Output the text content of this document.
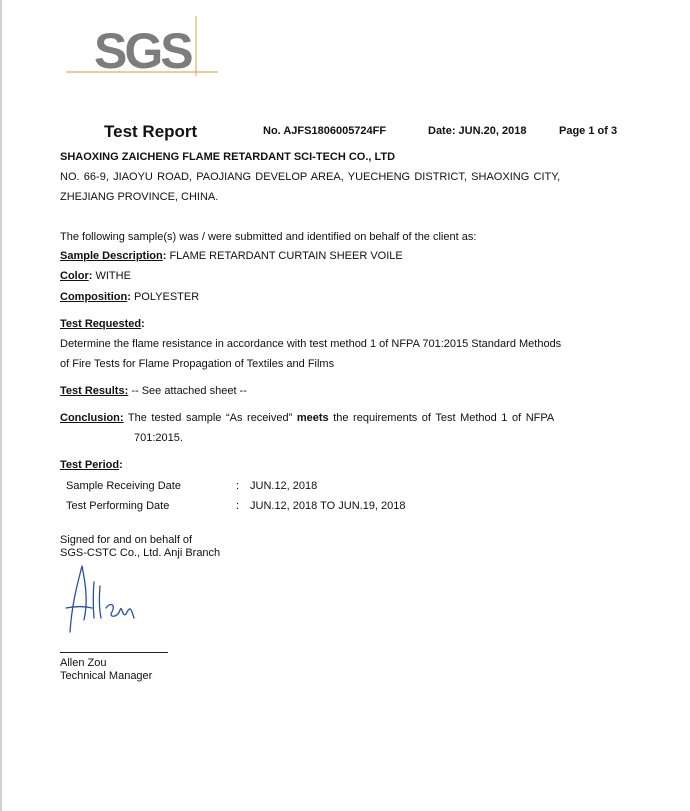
SGS
Test Report	No. AJFS1806005724FF	Date: JUN.20, 2018	Page 1 of 3
SHAOXING ZAICHENG FLAME RETARDANT SCI-TECH CO., LTD
NO. 66-9, JIAOYU ROAD, PAOJIANG DEVELOP AREA, YUECHENG DISTRICT, SHAOXING CITY,
ZHEJIANG PROVINCE, CHINA.
The following sample(s) was / were submitted and identified on behalf of the client as:
Sample Description: FLAME RETARDANT CURTAIN SHEER VOILE
Color: WITHE
Composition: POLYESTER
Test Requested:
Determine the flame resistance in accordance with test method 1 of NFPA 701:2015 Standard Methods
of Fire Tests for Flame Propagation of Textiles and Films
Test Results: -- See attached sheet --
Conclusion: The tested sample “As received” meets the requirements of Test Method 1 of NFPA
701:2015.
Test Period:
Sample Receiving Date	: JUN.12, 2018
Test Performing Date	: JUN.12, 2018 TO JUN.19, 2018
Signed for and on behalf of
SGS-CSTC Co., Ltd. Anji Branch
Allen Zou
Technical Manager
